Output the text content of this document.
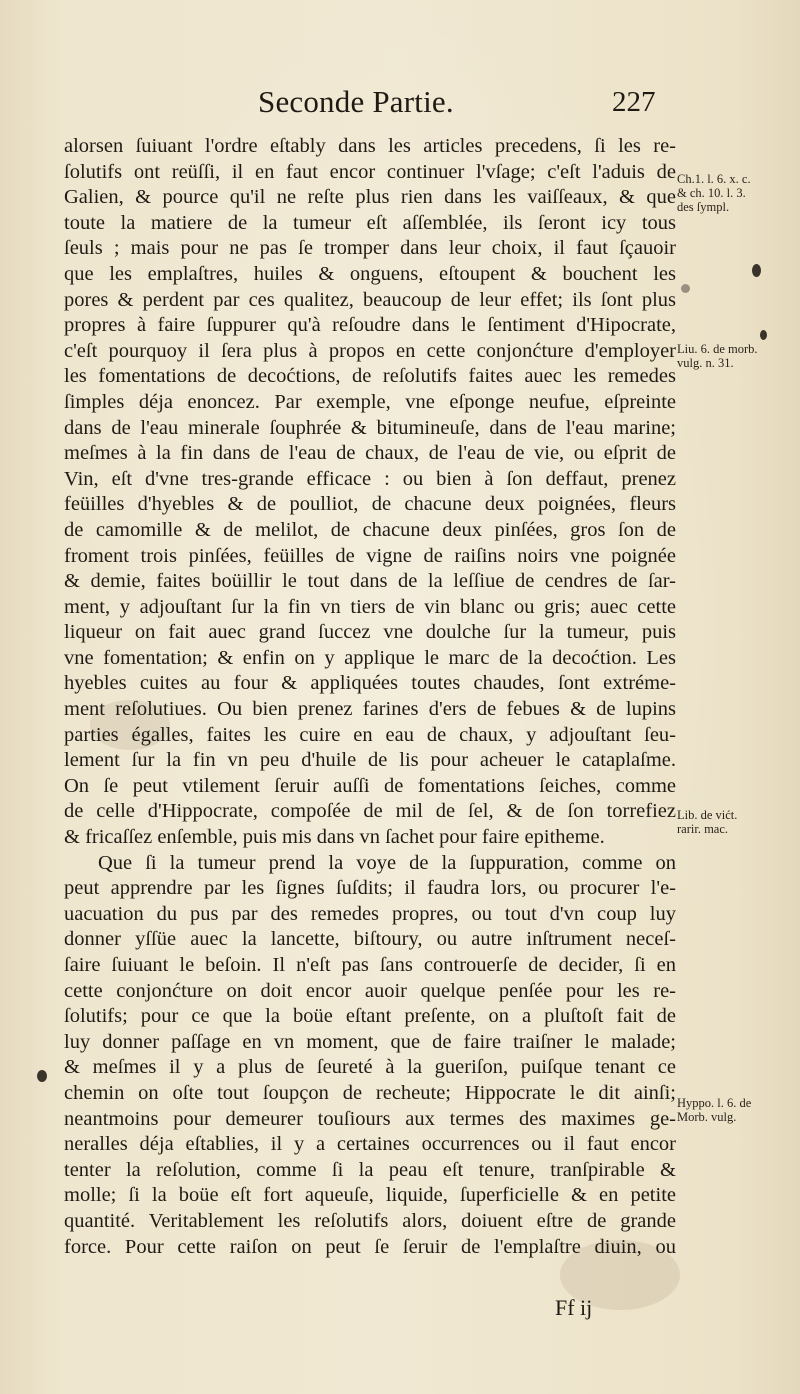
Seconde Partie.	227
alorsen ſuiuant l'ordre eſtably dans les articles precedens, ſi les re-
ſolutifs ont reüſſi, il en faut encor continuer l'vſage; c'eſt l'aduis de
Galien, & pource qu'il ne reſte plus rien dans les vaiſſeaux, & que
toute la matiere de la tumeur eſt aſſemblée, ils ſeront icy tous
ſeuls ; mais pour ne pas ſe tromper dans leur choix, il faut ſçauoir
que les emplaſtres, huiles & onguens, eſtoupent & bouchent les
pores & perdent par ces qualitez, beaucoup de leur effet; ils ſont plus
propres à faire ſuppurer qu'à reſoudre dans le ſentiment d'Hipocrate,
c'eſt pourquoy il ſera plus à propos en cette conjonćture d'employer
les fomentations de decoćtions, de reſolutifs faites auec les remedes
ſimples déja enoncez. Par exemple, vne eſponge neufue, eſpreinte
dans de l'eau minerale ſouphrée & bitumineuſe, dans de l'eau marine;
meſmes à la fin dans de l'eau de chaux, de l'eau de vie, ou eſprit de
Vin, eſt d'vne tres-grande efficace : ou bien à ſon deffaut, prenez
feüilles d'hyebles & de poulliot, de chacune deux poignées, fleurs
de camomille & de melilot, de chacune deux pinſées, gros ſon de
froment trois pinſées, feüilles de vigne de raiſins noirs vne poignée
& demie, faites boüillir le tout dans de la leſſiue de cendres de ſar-
ment, y adjouſtant ſur la fin vn tiers de vin blanc ou gris; auec cette
liqueur on fait auec grand ſuccez vne doulche ſur la tumeur, puis
vne fomentation; & enfin on y applique le marc de la decoćtion. Les
hyebles cuites au four & appliquées toutes chaudes, ſont extréme-
ment reſolutiues. Ou bien prenez farines d'ers de febues & de lupins
parties égalles, faites les cuire en eau de chaux, y adjouſtant ſeu-
lement ſur la fin vn peu d'huile de lis pour acheuer le cataplaſme.
On ſe peut vtilement ſeruir auſſi de fomentations ſeiches, comme
de celle d'Hippocrate, compoſée de mil de ſel, & de ſon torrefiez
& fricaſſez enſemble, puis mis dans vn ſachet pour faire epitheme.
Que ſi la tumeur prend la voye de la ſuppuration, comme on
peut apprendre par les ſignes ſuſdits; il faudra lors, ou procurer l'e-
uacuation du pus par des remedes propres, ou tout d'vn coup luy
donner yſſüe auec la lancette, biſtoury, ou autre inſtrument neceſ-
ſaire ſuiuant le beſoin. Il n'eſt pas ſans controuerſe de decider, ſi en
cette conjonćture on doit encor auoir quelque penſée pour les re-
ſolutifs; pour ce que la boüe eſtant preſente, on a pluſtoſt fait de
luy donner paſſage en vn moment, que de faire traiſner le malade;
& meſmes il y a plus de ſeureté à la gueriſon, puiſque tenant ce
chemin on oſte tout ſoupçon de recheute; Hippocrate le dit ainſi;
neantmoins pour demeurer touſiours aux termes des maximes ge-
neralles déja eſtablies, il y a certaines occurrences ou il faut encor
tenter la reſolution, comme ſi la peau eſt tenure, tranſpirable &
molle; ſi la boüe eſt fort aqueuſe, liquide, ſuperficielle & en petite
quantité. Veritablement les reſolutifs alors, doiuent eſtre de grande
force. Pour cette raiſon on peut ſe ſeruir de l'emplaſtre diuin, ou
Ch.1. l. 6. x. c.
& ch. 10. l. 3.
des ſympl.
Liu. 6. de morb.
vulg. n. 31.
Lib. de vićt.
rarir. mac.
Hyppo. l. 6. de
Morb. vulg.
Ff ij
